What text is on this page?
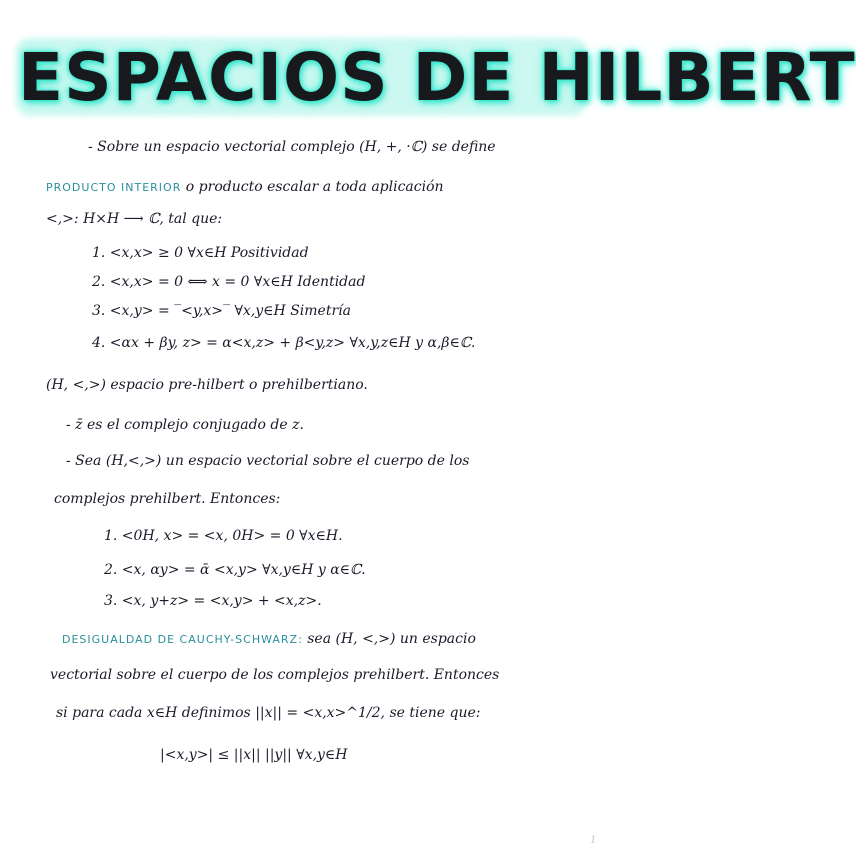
ESPACIOS DE HILBERT
- Sobre un espacio vectorial complejo (H, +, ·ℂ) se define
PRODUCTO INTERIOR o producto escalar a toda aplicación
<,>: H×H ⟶ ℂ, tal que:
1. <x,x> ≥ 0 ∀x∈H Positividad
2. <x,x> = 0 ⟺ x = 0 ∀x∈H Identidad
3. <x,y> = ‾<y,x>‾ ∀x,y∈H Simetría
4. <αx + βy, z> = α<x,z> + β<y,z> ∀x,y,z∈H y α,β∈ℂ.
(H, <,>) espacio pre-hilbert o prehilbertiano.
- z̄ es el complejo conjugado de z.
- Sea (H,<,>) un espacio vectorial sobre el cuerpo de los
complejos prehilbert. Entonces:
1. <0H, x> = <x, 0H> = 0 ∀x∈H.
2. <x, αy> = ᾱ <x,y> ∀x,y∈H y α∈ℂ.
3. <x, y+z> = <x,y> + <x,z>.
DESIGUALDAD DE CAUCHY-SCHWARZ: sea (H, <,>) un espacio
vectorial sobre el cuerpo de los complejos prehilbert. Entonces
si para cada x∈H definimos ||x|| = <x,x>^1/2, se tiene que:
|<x,y>| ≤ ||x|| ||y|| ∀x,y∈H
1
